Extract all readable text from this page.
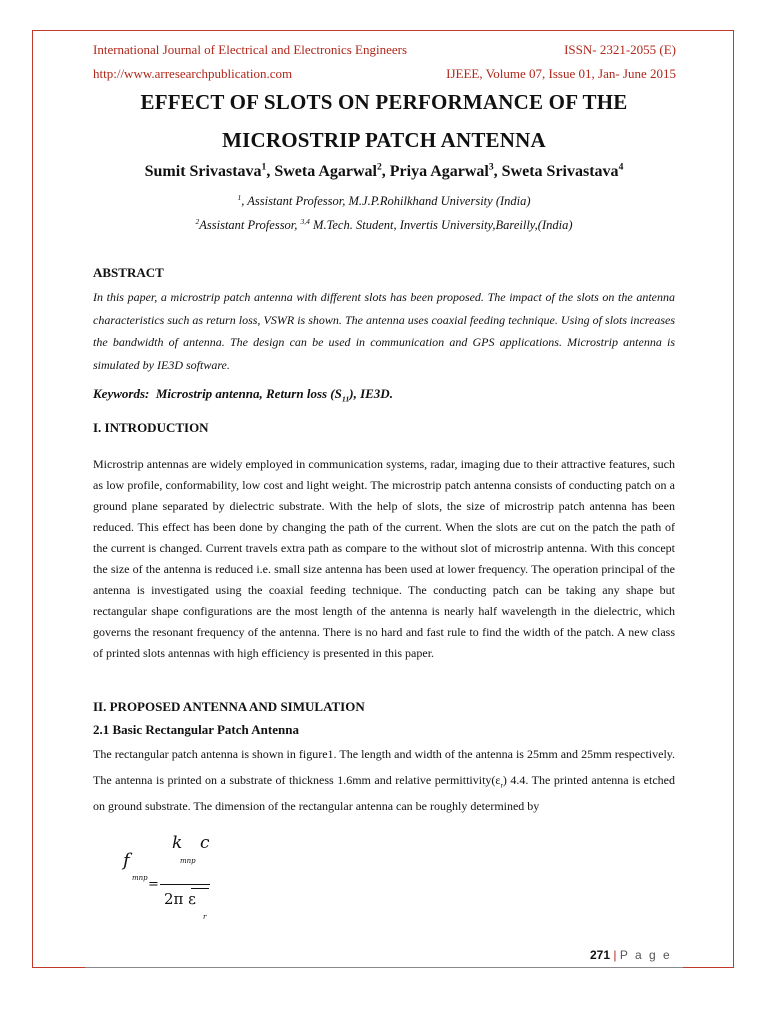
International Journal of Electrical and Electronics Engineers	ISSN- 2321-2055 (E)
http://www.arresearchpublication.com	IJEEE, Volume 07, Issue 01, Jan- June 2015
EFFECT OF SLOTS ON PERFORMANCE OF THE
MICROSTRIP PATCH ANTENNA
Sumit Srivastava$^1$, Sweta Agarwal$^2$, Priya Agarwal$^3$, Sweta Srivastava$^4$
$^1$, Assistant Professor, M.J.P.Rohilkhand University (India)
$^2$Assistant Professor, $^{3,4}$ M.Tech. Student, Invertis University,Bareilly,(India)
ABSTRACT

In this paper, a microstrip patch antenna with different slots has been proposed. The impact of the slots on the antenna characteristics such as return loss, VSWR is shown. The antenna uses coaxial feeding technique. Using of slots increases the bandwidth of antenna. The design can be used in communication and GPS applications. Microstrip antenna is simulated by IE3D software.

Keywords: Microstrip antenna, Return loss $(S_{11})$, IE3D.
I. INTRODUCTION

Microstrip antennas are widely employed in communication systems, radar, imaging due to their attractive features, such as low profile, conformability, low cost and light weight. The microstrip patch antenna consists of conducting patch on a ground plane separated by dielectric substrate. With the help of slots, the size of microstrip patch antenna has been reduced. This effect has been done by changing the path of the current. When the slots are cut on the patch the path of the current is changed. Current travels extra path as compare to the without slot of microstrip antenna. With this concept the size of the antenna is reduced i.e. small size antenna has been used at lower frequency. The operation principal of the antenna is investigated using the coaxial feeding technique. The conducting patch can be taking any shape but rectangular shape configurations are the most length of the antenna is nearly half wavelength in the dielectric, which governs the resonant frequency of the antenna. There is no hard and fast rule to find the width of the patch. A new class of printed slots antennas with high efficiency is presented in this paper.

II. PROPOSED ANTENNA AND SIMULATION
2.1 Basic Rectangular Patch Antenna

The rectangular patch antenna is shown in figure1. The length and width of the antenna is 25mm and 25mm respectively. The antenna is printed on a substrate of thickness 1.6mm and relative $permittivity(\varepsilon_r)$ 4.4. The printed antenna is etched on ground substrate. The dimension of the rectangular antenna can be roughly determined by

f
mnp =
k c
mnp
2π ε
r
271 | P a g e
